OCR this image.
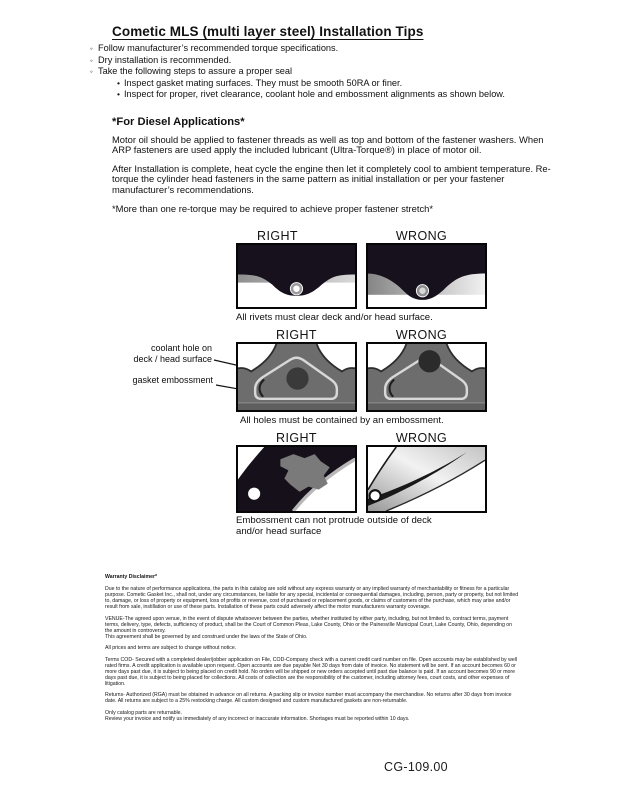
Cometic MLS (multi layer steel) Installation Tips
◦ Follow manufacturer’s recommended torque specifications.
◦ Dry installation is recommended.
◦ Take the following steps to assure a proper seal
• Inspect gasket mating surfaces. They must be smooth 50RA or finer.
• Inspect for proper, rivet clearance, coolant hole and embossment alignments as shown below.
*For Diesel Applications*

Motor oil should be applied to fastener threads as well as top and bottom of the fastener washers. When ARP fasteners are used apply the included lubricant (Ultra-Torque®) in place of motor oil.

After Installation is complete, heat cycle the engine then let it completely cool to ambient temperature. Re-torque the cylinder head fasteners in the same pattern as initial installation or per your fastener manufacturer’s recommendations.

*More than one re-torque may be required to achieve proper fastener stretch*

RIGHT	WRONG
All rivets must clear deck and/or head surface.
coolant hole on
deck / head surface
gasket embossment
RIGHT	WRONG
All holes must be contained by an embossment.
RIGHT	WRONG
Embossment can not protrude outside of deck
and/or head surface

Warranty Disclaimer*

Due to the nature of performance applications, the parts in this catalog are sold without any express warranty or any implied warranty of merchantability or fitness for a particular purpose. Cometic Gasket Inc., shall not, under any circumstances, be liable for any special, incidental or consequential damages, including, person, party or property, but not limited to, damage, or loss of property or equipment, loss of profits or revenue, cost of purchased or replacement goods, or claims of customers of the purchase, which may arise and/or result from sale, instillation or use of these parts. Installation of these parts could adversely affect the motor manufacturers warranty coverage.

VENUE-The agreed upon venue, in the event of dispute whatsoever between the parties, whether instituted by either party, including, but not limited to, contract terms, payment terms, delivery, type, defects, sufficiency of product, shall be the Court of Common Pleas, Lake County, Ohio or the Painesville Municipal Court, Lake County, Ohio, depending on the amount in controversy.

This agreement shall be governed by and construed under the laws of the State of Ohio.

All prices and terms are subject to change without notice.

Terms COD- Secured with a completed dealer/jobber application on File, COD-Company check with a current credit card number on file. Open accounts may be established by well rated firms. A credit application is available upon request. Open accounts are due payable Net 30 days from date of invoice. No statement will be sent. If an account becomes 60 or more days past due, it is subject to being placed on credit hold. No orders will be shipped or new orders accepted until past due balance is paid. If an account becomes 90 or more days past due, it is subject to being placed for collections. All costs of collection are the responsibility of the customer, including attorney fees, court costs, and other expenses of litigation.

Returns- Authorized (RGA) must be obtained in advance on all returns. A packing slip or invoice number must accompany the merchandise. No returns after 30 days from invoice date. All returns are subject to a 25% restocking charge. All custom designed and custom manufactured gaskets are non-returnable.

Only catalog parts are returnable.

Review your invoice and notify us immediately of any incorrect or inaccurate information. Shortages must be reported within 10 days.

CG-109.00
